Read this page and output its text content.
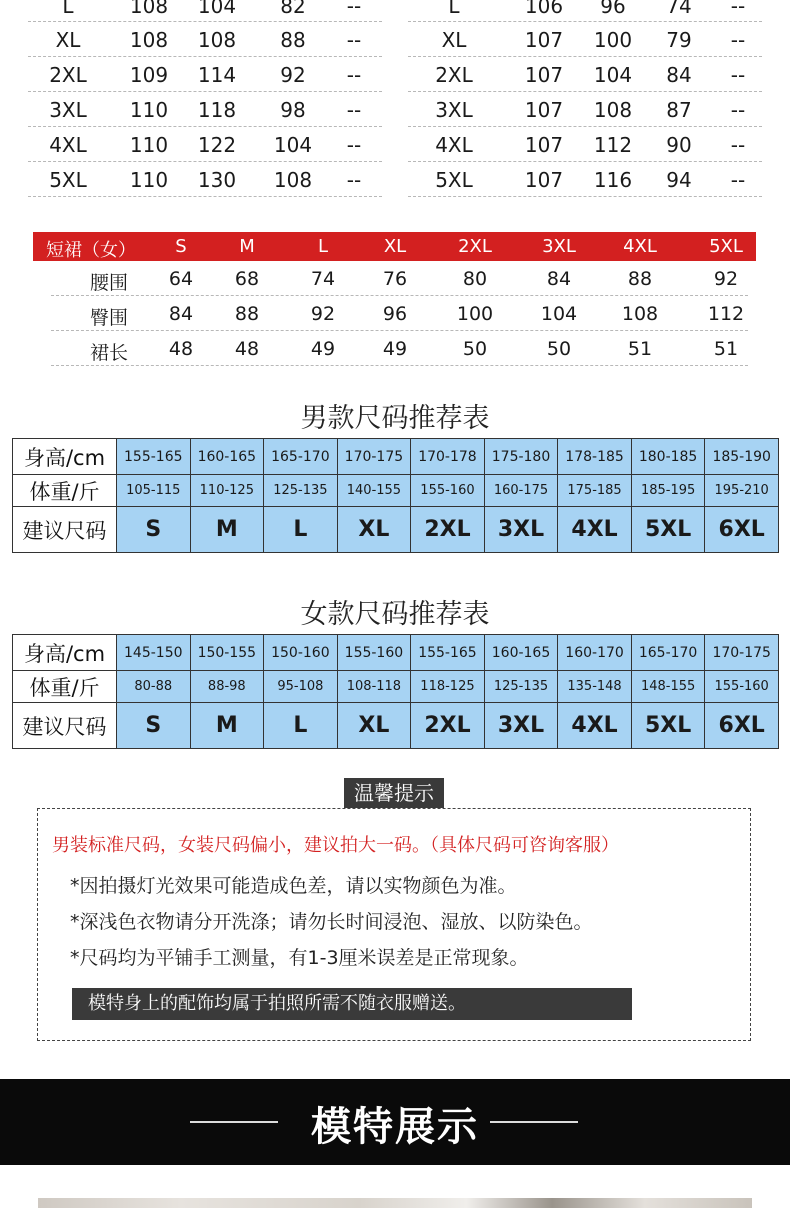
L	108 104 82 --
XL 108 108 88 --
2XL 109 114 92 --
3XL 110 118 98 --
4XL 110 122 104 --
5XL 110 130 108 --
L	106 96 74 --
XL	107 100 79 --
2XL	107 104 84 --
3XL	107 108 87 --
4XL	107 112 90 --
5XL	107 116 94 --
短裙（女） S	M	L	XL	2XL	3XL	4XL	5XL
腰围 64 68	74	76	80	84	88	92
臀围 84 88	92	96	100	104 108	112
裙长 48 48	49	49	50	50	51	51
男款尺码推荐表
身高/cm	155-165	160-165	165-170	170-175	170-178	175-180	178-185	180-185	185-190
体重/斤	105-115	110-125	125-135	140-155	155-160	160-175	175-185	185-195	195-210
建议尺码	S	M	L	XL	2XL	3XL	4XL	5XL	6XL
女款尺码推荐表
身高/cm	145-150	150-155	150-160	155-160	155-165	160-165	160-170	165-170	170-175
体重/斤	80-88	88-98	95-108	108-118	118-125	125-135	135-148	148-155	155-160
建议尺码	S	M	L	XL	2XL	3XL	4XL	5XL	6XL
温馨提示
男装标准尺码，女装尺码偏小，建议拍大一码。（具体尺码可咨询客服）
*因拍摄灯光效果可能造成色差，请以实物颜色为准。
*深浅色衣物请分开洗涤；请勿长时间浸泡、湿放、以防染色。
*尺码均为平铺手工测量，有1-3厘米误差是正常现象。
模特身上的配饰均属于拍照所需不随衣服赠送。
模特展示
